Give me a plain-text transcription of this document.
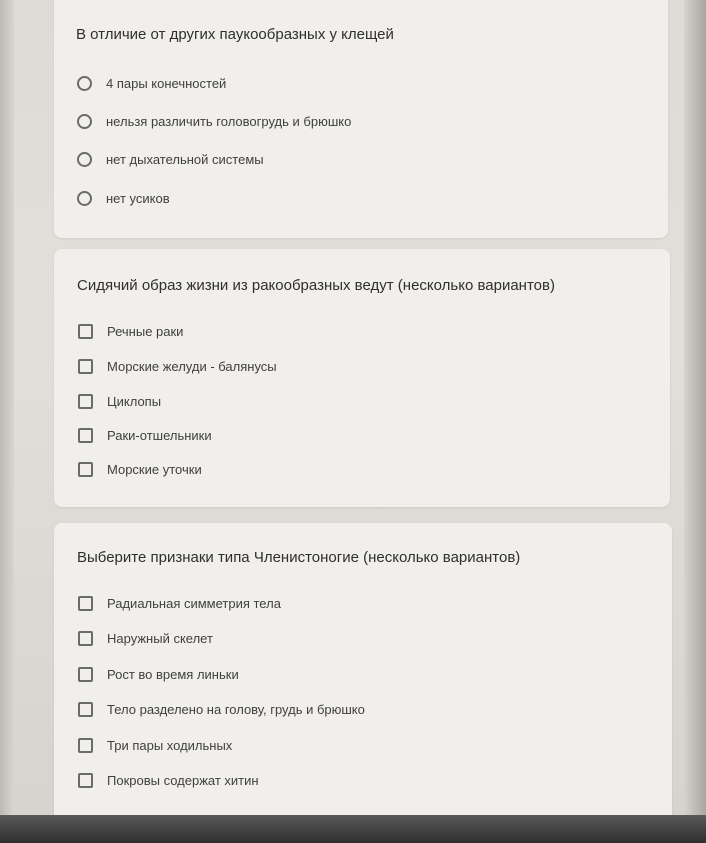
В отличие от других паукообразных у клещей
4 пары конечностей
нельзя различить головогрудь и брюшко
нет дыхательной системы
нет усиков
Сидячий образ жизни из ракообразных ведут (несколько вариантов)
Речные раки
Морские желуди - балянусы
Циклопы
Раки-отшельники
Морские уточки
Выберите признаки типа Членистоногие (несколько вариантов)
Радиальная симметрия тела
Наружный скелет
Рост во время линьки
Тело разделено на голову, грудь и брюшко
Три пары ходильных
Покровы содержат хитин
